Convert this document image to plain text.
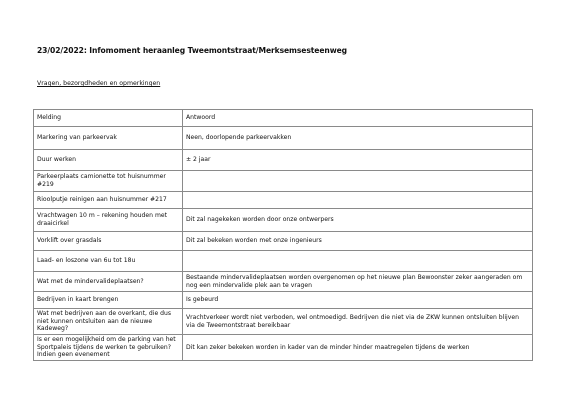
23/02/2022: Infomoment heraanleg Tweemontstraat/Merksemsesteenweg
Vragen, bezorgdheden en opmerkingen
Melding	Antwoord
Markering van parkeervak	Neen, doorlopende parkeervakken
Duur werken	± 2 jaar
Parkeerplaats camionette tot huisnummer #219	
Rioolputje reinigen aan huisnummer #217	
Vrachtwagen 10 m – rekening houden met draaicirkel	Dit zal nagekeken worden door onze ontwerpers
Vorklift over grasdals	Dit zal bekeken worden met onze ingenieurs
Laad- en loszone van 6u tot 18u	
Wat met de mindervalideplaatsen?	Bestaande mindervalideplaatsen worden overgenomen op het nieuwe plan Bewoonster zeker aangeraden om nog een mindervalide plek aan te vragen
Bedrijven in kaart brengen	Is gebeurd
Wat met bedrijven aan de overkant, die dus niet kunnen ontsluiten aan de nieuwe Kadeweg?	Vrachtverkeer wordt niet verboden, wel ontmoedigd. Bedrijven die niet via de ZKW kunnen ontsluiten blijven via de Tweemontstraat bereikbaar
Is er een mogelijkheid om de parking van het Sportpaleis tijdens de werken te gebruiken? Indien geen evenement	Dit kan zeker bekeken worden in kader van de minder hinder maatregelen tijdens de werken
